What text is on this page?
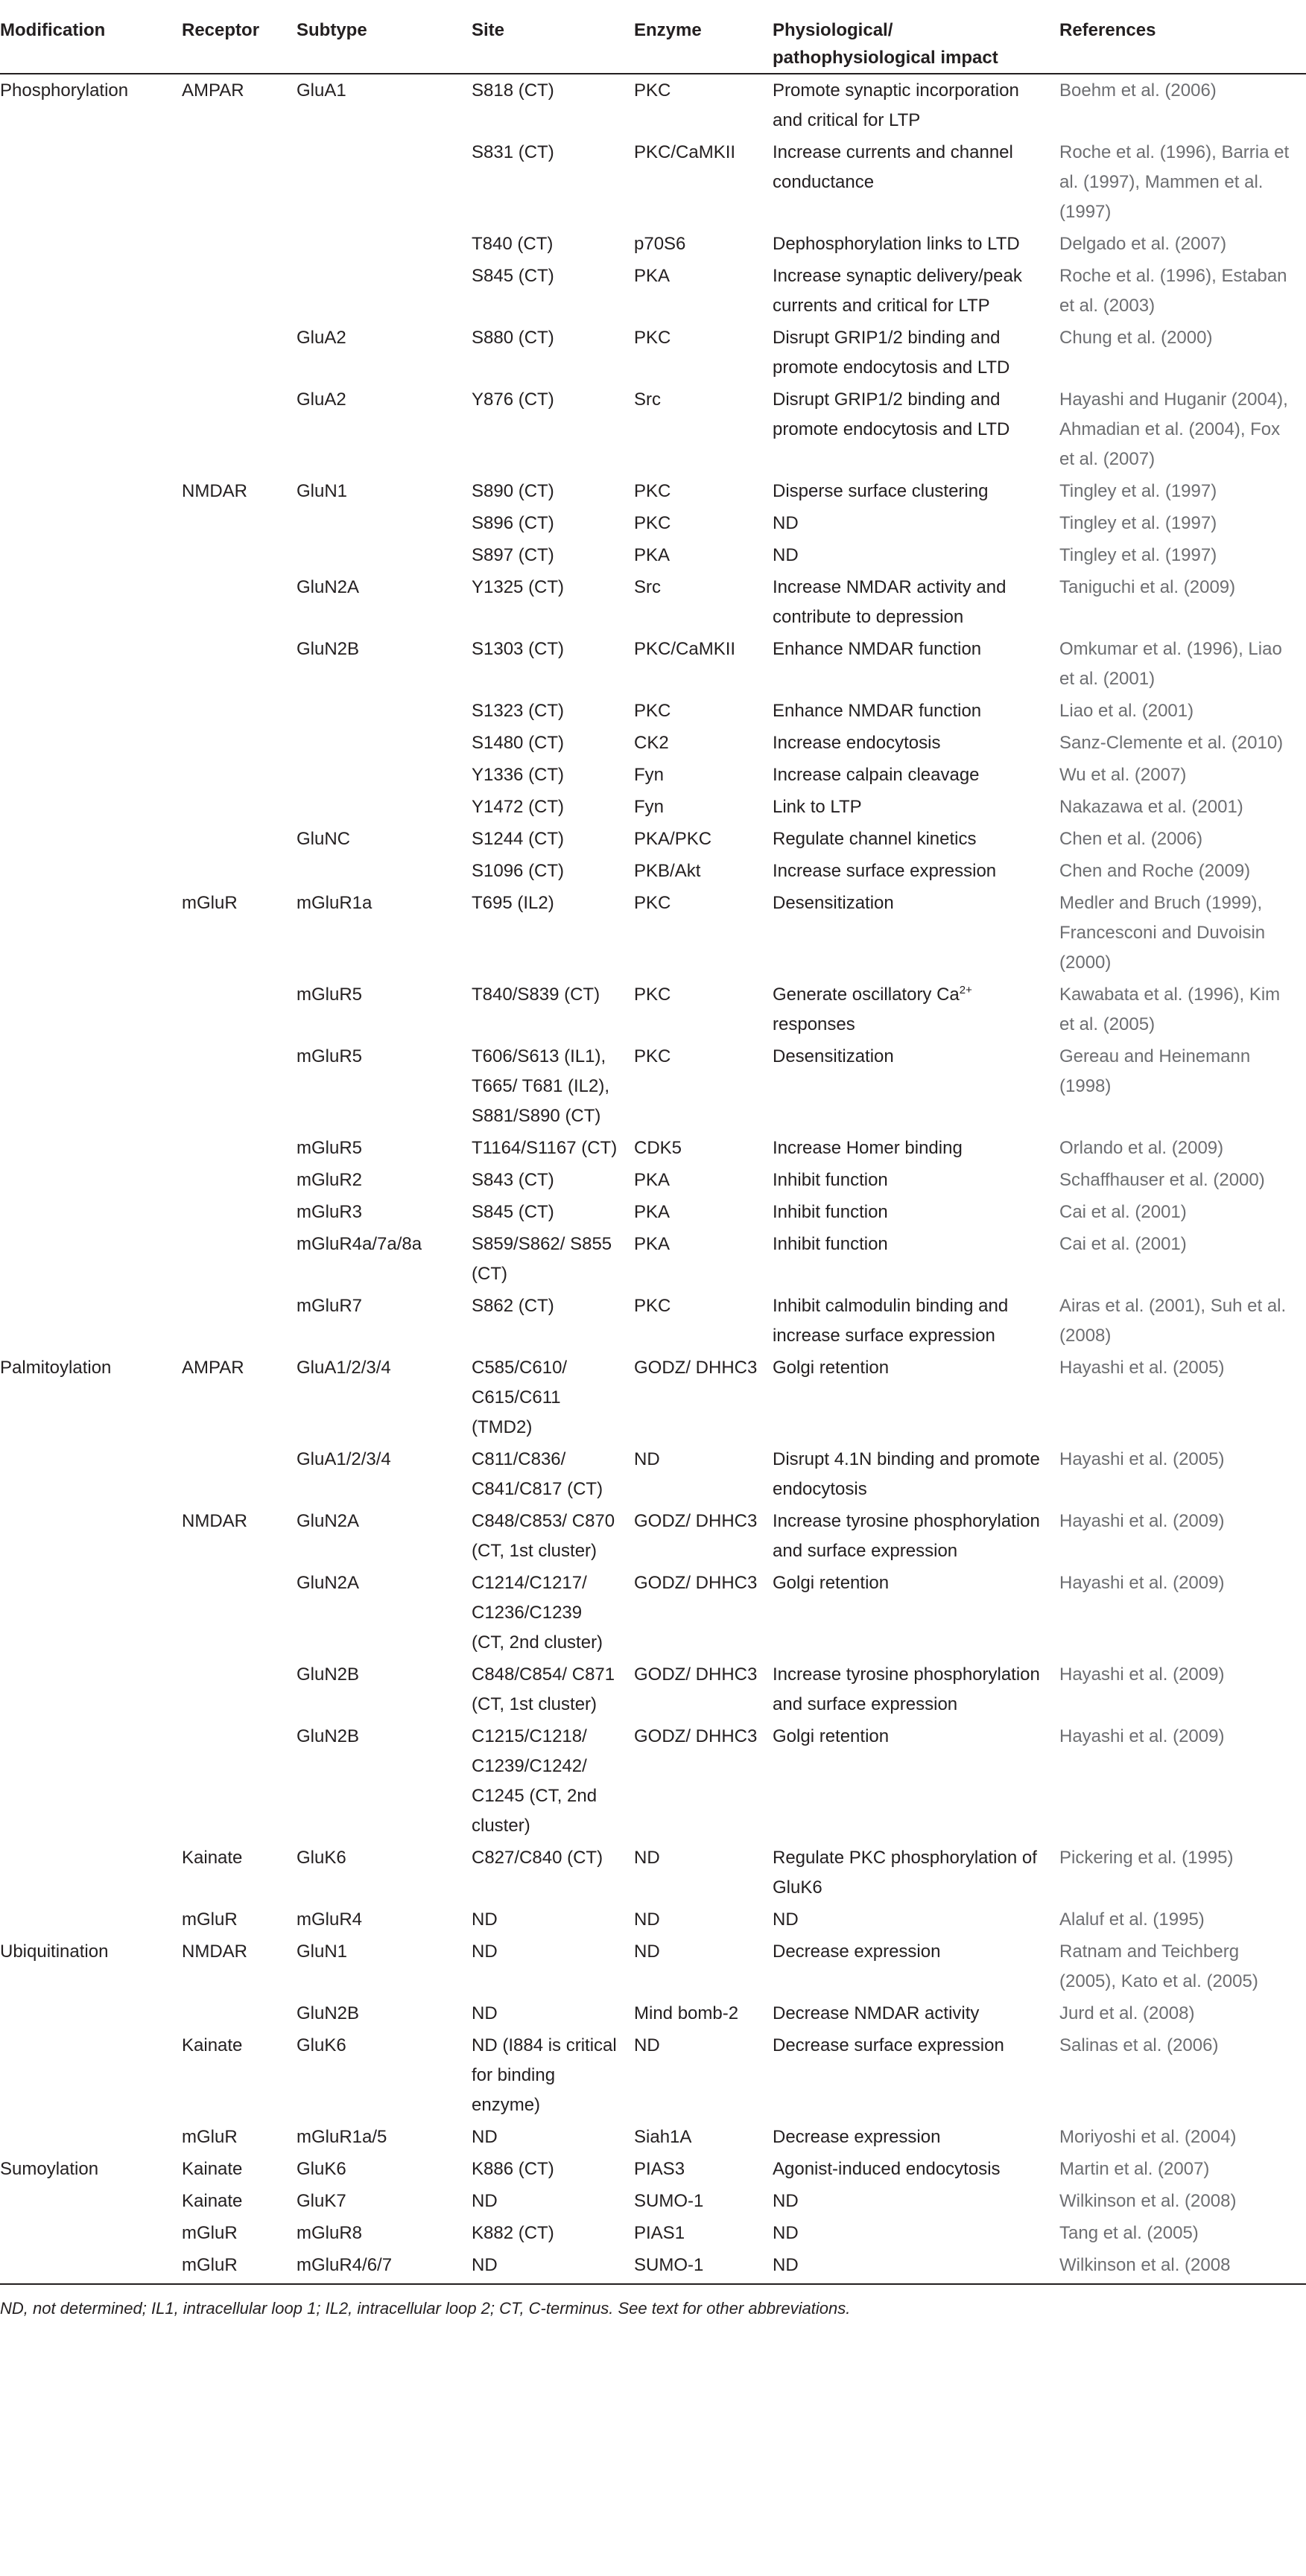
Modification	Receptor	Subtype	Site	Enzyme	Physiological/ pathophysiological impact	References
Phosphorylation	AMPAR	GluA1	S818 (CT)	PKC	Promote synaptic incorporation and critical for LTP	Boehm et al. (2006)
			S831 (CT)	PKC/CaMKII	Increase currents and channel conductance	Roche et al. (1996), Barria et al. (1997), Mammen et al. (1997)
			T840 (CT)	p70S6	Dephosphorylation links to LTD	Delgado et al. (2007)
			S845 (CT)	PKA	Increase synaptic delivery/peak currents and critical for LTP	Roche et al. (1996), Estaban et al. (2003)
		GluA2	S880 (CT)	PKC	Disrupt GRIP1/2 binding and promote endocytosis and LTD	Chung et al. (2000)
		GluA2	Y876 (CT)	Src	Disrupt GRIP1/2 binding and promote endocytosis and LTD	Hayashi and Huganir (2004), Ahmadian et al. (2004), Fox et al. (2007)
	NMDAR	GluN1	S890 (CT)	PKC	Disperse surface clustering	Tingley et al. (1997)
			S896 (CT)	PKC	ND	Tingley et al. (1997)
			S897 (CT)	PKA	ND	Tingley et al. (1997)
		GluN2A	Y1325 (CT)	Src	Increase NMDAR activity and contribute to depression	Taniguchi et al. (2009)
		GluN2B	S1303 (CT)	PKC/CaMKII	Enhance NMDAR function	Omkumar et al. (1996), Liao et al. (2001)
			S1323 (CT)	PKC	Enhance NMDAR function	Liao et al. (2001)
			S1480 (CT)	CK2	Increase endocytosis	Sanz-Clemente et al. (2010)
			Y1336 (CT)	Fyn	Increase calpain cleavage	Wu et al. (2007)
			Y1472 (CT)	Fyn	Link to LTP	Nakazawa et al. (2001)
		GluNC	S1244 (CT)	PKA/PKC	Regulate channel kinetics	Chen et al. (2006)
			S1096 (CT)	PKB/Akt	Increase surface expression	Chen and Roche (2009)
	mGluR	mGluR1a	T695 (IL2)	PKC	Desensitization	Medler and Bruch (1999), Francesconi and Duvoisin (2000)
		mGluR5	T840/S839 (CT)	PKC	Generate oscillatory $Ca^{2+}$ responses	Kawabata et al. (1996), Kim et al. (2005)
		mGluR5	T606/S613 (IL1), T665/ T681 (IL2), S881/S890 (CT)	PKC	Desensitization	Gereau and Heinemann (1998)
		mGluR5	T1164/S1167 (CT)	CDK5	Increase Homer binding	Orlando et al. (2009)
		mGluR2	S843 (CT)	PKA	Inhibit function	Schaffhauser et al. (2000)
		mGluR3	S845 (CT)	PKA	Inhibit function	Cai et al. (2001)
		mGluR4a/7a/8a	S859/S862/ S855 (CT)	PKA	Inhibit function	Cai et al. (2001)
		mGluR7	S862 (CT)	PKC	Inhibit calmodulin binding and increase surface expression	Airas et al. (2001), Suh et al. (2008)
Palmitoylation	AMPAR	GluA1/2/3/4	C585/C610/ C615/C611 (TMD2)	GODZ/ DHHC3	Golgi retention	Hayashi et al. (2005)
		GluA1/2/3/4	C811/C836/ C841/C817 (CT)	ND	Disrupt 4.1N binding and promote endocytosis	Hayashi et al. (2005)
	NMDAR	GluN2A	C848/C853/ C870 (CT, 1st cluster)	GODZ/ DHHC3	Increase tyrosine phosphorylation and surface expression	Hayashi et al. (2009)
		GluN2A	C1214/C1217/ C1236/C1239 (CT, 2nd cluster)	GODZ/ DHHC3	Golgi retention	Hayashi et al. (2009)
		GluN2B	C848/C854/ C871 (CT, 1st cluster)	GODZ/ DHHC3	Increase tyrosine phosphorylation and surface expression	Hayashi et al. (2009)
		GluN2B	C1215/C1218/ C1239/C1242/ C1245 (CT, 2nd cluster)	GODZ/ DHHC3	Golgi retention	Hayashi et al. (2009)
	Kainate	GluK6	C827/C840 (CT)	ND	Regulate PKC phosphorylation of GluK6	Pickering et al. (1995)
	mGluR	mGluR4	ND	ND	ND	Alaluf et al. (1995)
Ubiquitination	NMDAR	GluN1	ND	ND	Decrease expression	Ratnam and Teichberg (2005), Kato et al. (2005)
		GluN2B	ND	Mind bomb-2	Decrease NMDAR activity	Jurd et al. (2008)
	Kainate	GluK6	ND (I884 is critical for binding enzyme)	ND	Decrease surface expression	Salinas et al. (2006)
	mGluR	mGluR1a/5	ND	Siah1A	Decrease expression	Moriyoshi et al. (2004)
Sumoylation	Kainate	GluK6	K886 (CT)	PIAS3	Agonist-induced endocytosis	Martin et al. (2007)
	Kainate	GluK7	ND	SUMO-1	ND	Wilkinson et al. (2008)
	mGluR	mGluR8	K882 (CT)	PIAS1	ND	Tang et al. (2005)
	mGluR	mGluR4/6/7	ND	SUMO-1	ND	Wilkinson et al. (2008
ND, not determined; IL1, intracellular loop 1; IL2, intracellular loop 2; CT, C-terminus. See text for other abbreviations.
